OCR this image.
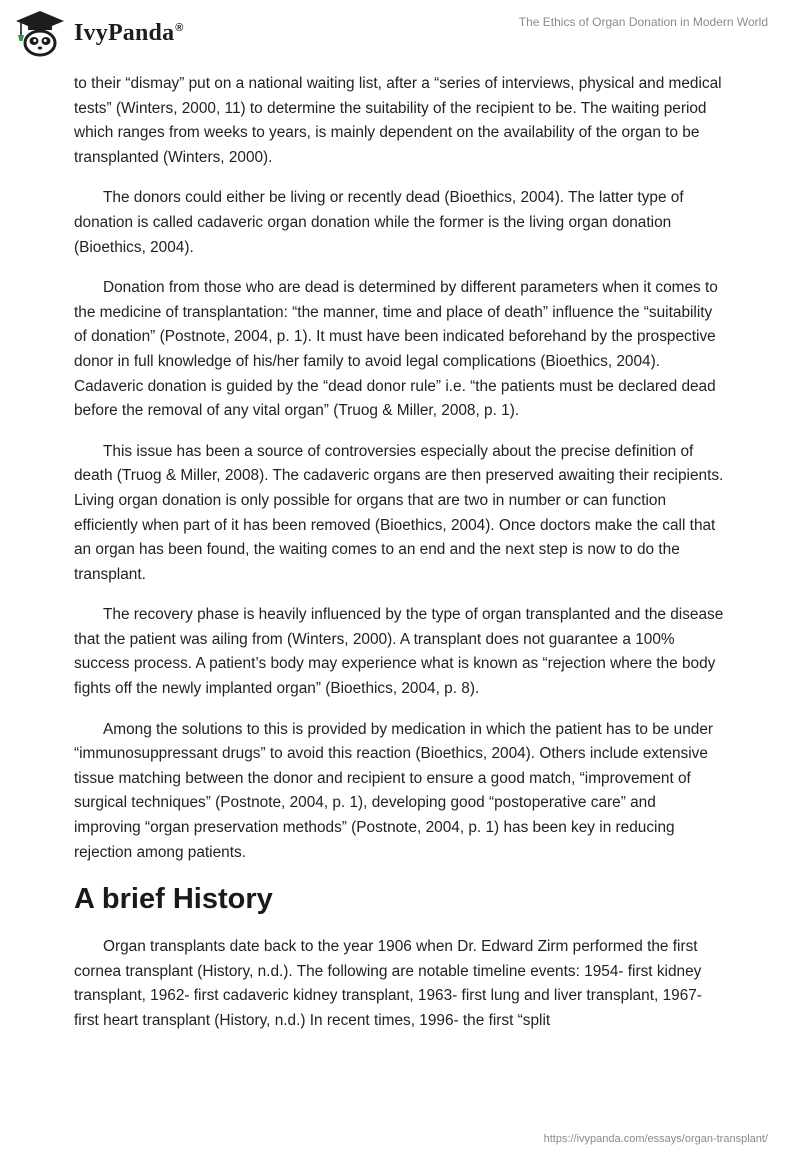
IvyPanda®	The Ethics of Organ Donation in Modern World

to their “dismay” put on a national waiting list, after a “series of interviews, physical and medical tests” (Winters, 2000, 11) to determine the suitability of the recipient to be. The waiting period which ranges from weeks to years, is mainly dependent on the availability of the organ to be transplanted (Winters, 2000).

The donors could either be living or recently dead (Bioethics, 2004). The latter type of donation is called cadaveric organ donation while the former is the living organ donation (Bioethics, 2004).

Donation from those who are dead is determined by different parameters when it comes to the medicine of transplantation: “the manner, time and place of death” influence the “suitability of donation” (Postnote, 2004, p. 1). It must have been indicated beforehand by the prospective donor in full knowledge of his/her family to avoid legal complications (Bioethics, 2004). Cadaveric donation is guided by the “dead donor rule” i.e. “the patients must be declared dead before the removal of any vital organ” (Truog & Miller, 2008, p. 1).

This issue has been a source of controversies especially about the precise definition of death (Truog & Miller, 2008). The cadaveric organs are then preserved awaiting their recipients. Living organ donation is only possible for organs that are two in number or can function efficiently when part of it has been removed (Bioethics, 2004). Once doctors make the call that an organ has been found, the waiting comes to an end and the next step is now to do the transplant.

The recovery phase is heavily influenced by the type of organ transplanted and the disease that the patient was ailing from (Winters, 2000). A transplant does not guarantee a 100% success process. A patient’s body may experience what is known as “rejection where the body fights off the newly implanted organ” (Bioethics, 2004, p. 8).

Among the solutions to this is provided by medication in which the patient has to be under “immunosuppressant drugs” to avoid this reaction (Bioethics, 2004). Others include extensive tissue matching between the donor and recipient to ensure a good match, “improvement of surgical techniques” (Postnote, 2004, p. 1), developing good “postoperative care” and improving “organ preservation methods” (Postnote, 2004, p. 1) has been key in reducing rejection among patients.

A brief History

Organ transplants date back to the year 1906 when Dr. Edward Zirm performed the first cornea transplant (History, n.d.). The following are notable timeline events: 1954- first kidney transplant, 1962- first cadaveric kidney transplant, 1963- first lung and liver transplant, 1967- first heart transplant (History, n.d.) In recent times, 1996- the first “split

https://ivypanda.com/essays/organ-transplant/
